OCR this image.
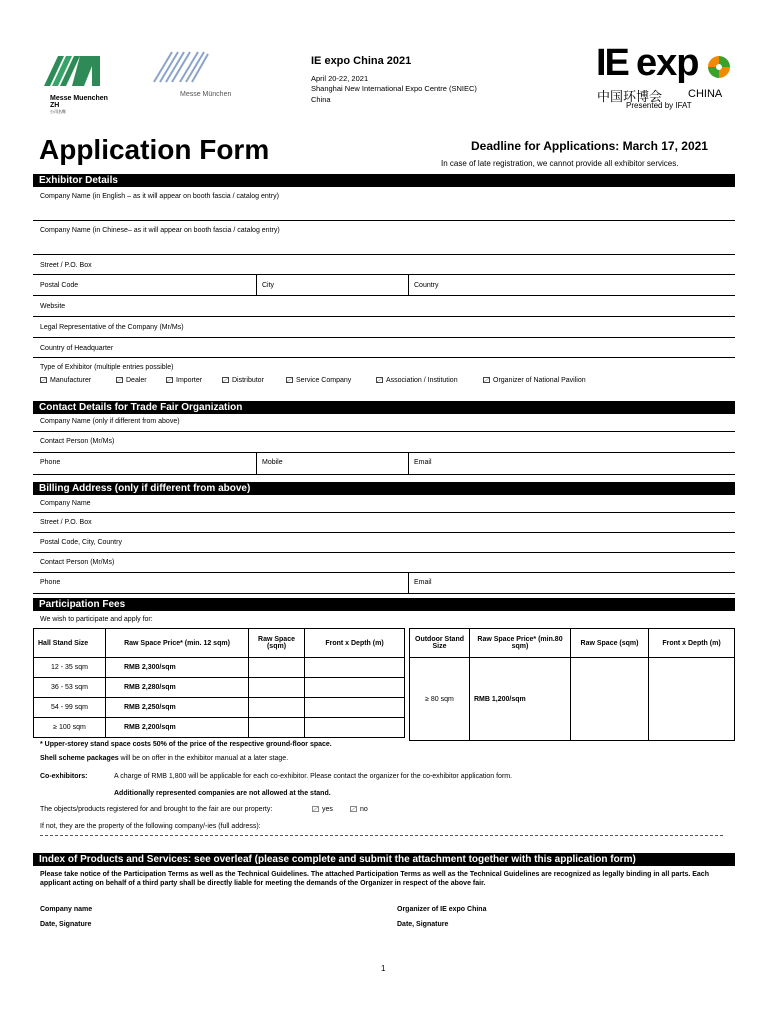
Messe Muenchen ZH
公司名称
Messe München
IE expo China 2021
April 20-22, 2021
Shanghai New International Expo Centre (SNIEC)
China
IE exp
中国环博会 CHINA
Presented by IFAT
Application Form	Deadline for Applications: March 17, 2021
In case of late registration, we cannot provide all exhibitor services.
Exhibitor Details
Company Name (in English – as it will appear on booth fascia / catalog entry)
Company Name (in Chinese– as it will appear on booth fascia / catalog entry)
Street / P.O. Box
Postal Code	City	Country
Website
Legal Representative of the Company (Mr/Ms)
Country of Headquarter
Type of Exhibitor (multiple entries possible)
Manufacturer	Dealer	Importer	Distributor	Service Company	Association / Institution	Organizer of National Pavilion
Contact Details for Trade Fair Organization
Company Name (only if different from above)
Contact Person (Mr/Ms)
Phone	Mobile	Email
Billing Address (only if different from above)
Company Name
Street / P.O. Box
Postal Code, City, Country
Contact Person (Mr/Ms)
Phone	Email
Participation Fees
We wish to participate and apply for:
Hall Stand Size	Raw Space Price* (min. 12 sqm)	Raw Space (sqm)	Front x Depth (m)
12 - 35 sqm	RMB 2,300/sqm		
36 - 53 sqm	RMB 2,280/sqm		
54 - 99 sqm	RMB 2,250/sqm		
≥ 100 sqm	RMB 2,200/sqm		
Outdoor Stand Size	Raw Space Price* (min.80 sqm)	Raw Space (sqm)	Front x Depth (m)
≥ 80 sqm	RMB 1,200/sqm		
* Upper-storey stand space costs 50% of the price of the respective ground-floor space.
Shell scheme packages will be on offer in the exhibitor manual at a later stage.
Co-exhibitors:	A charge of RMB 1,800 will be applicable for each co-exhibitor. Please contact the organizer for the co-exhibitor application form.
Additionally represented companies are not allowed at the stand.
The objects/products registered for and brought to the fair are our property:	yes	no
If not, they are the property of the following company/-ies (full address):
Index of Products and Services: see overleaf (please complete and submit the attachment together with this application form)
Please take notice of the Participation Terms as well as the Technical Guidelines. The attached Participation Terms as well as the Technical Guidelines are recognized as legally binding in all parts. Each applicant acting on behalf of a third party shall be directly liable for meeting the demands of the Organizer in respect of the above fair.
Company name	Organizer of IE expo China
Date, Signature	Date, Signature
1
